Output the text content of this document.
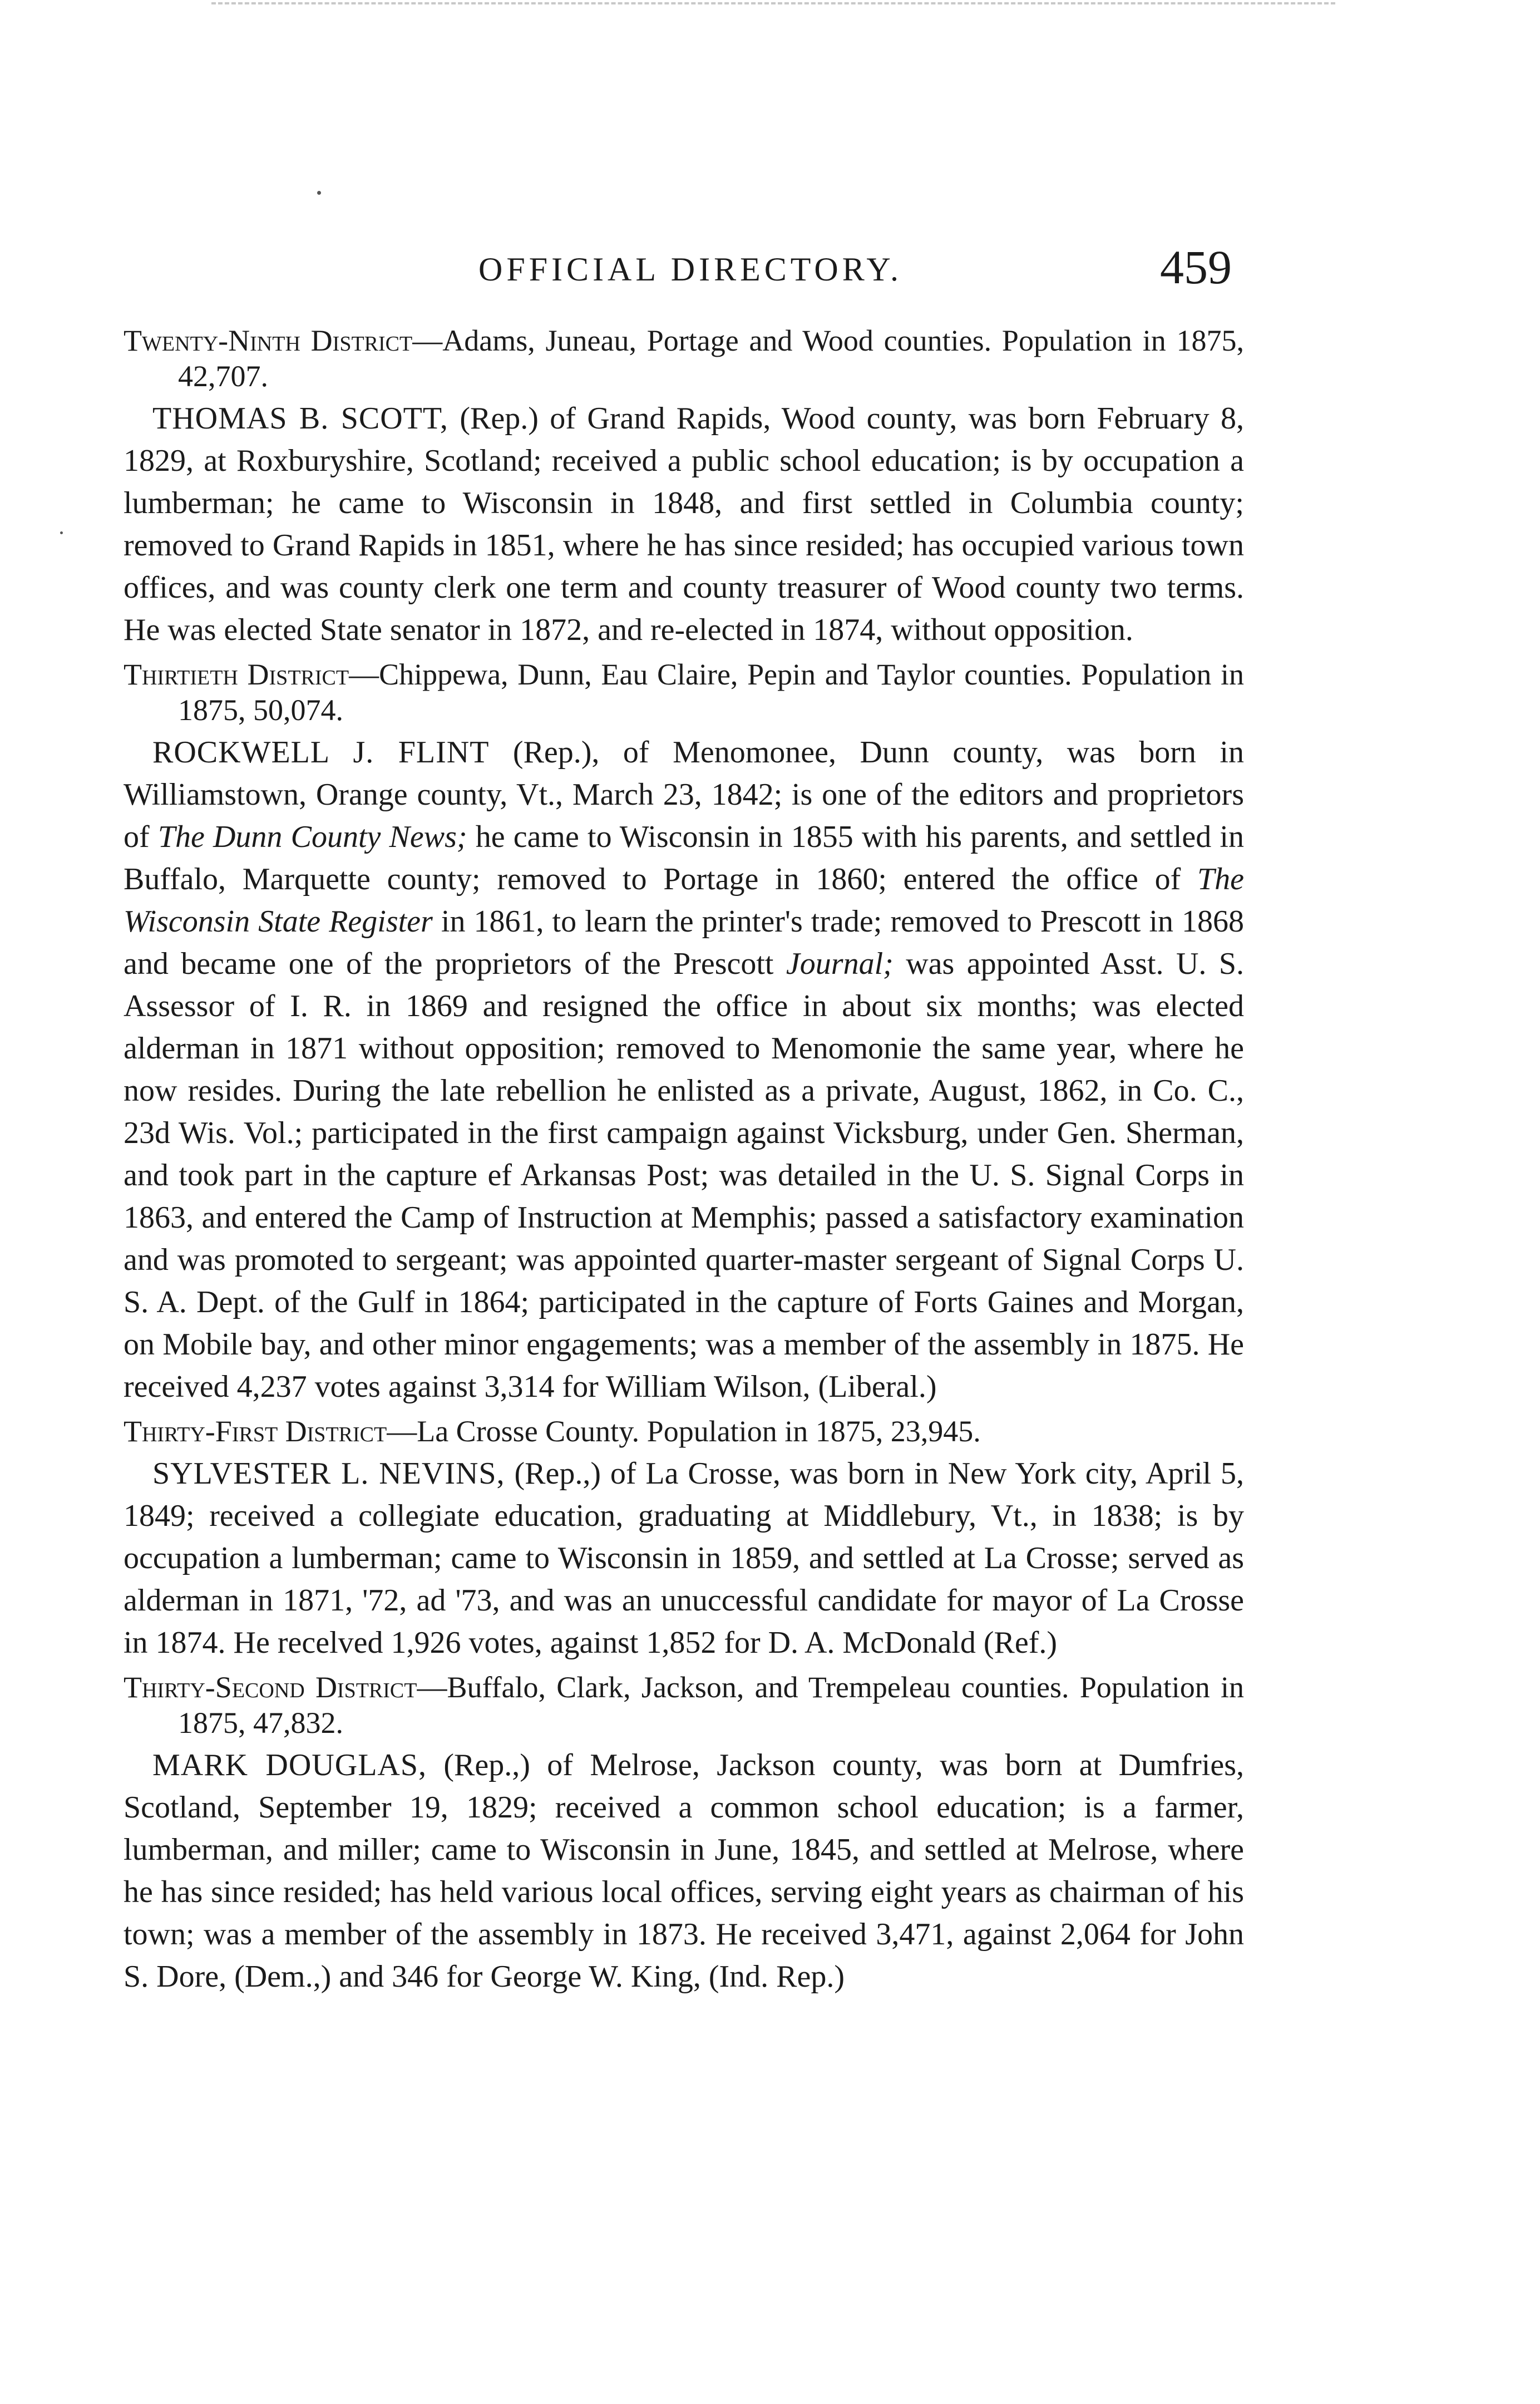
OFFICIAL DIRECTORY.	459

Twenty-Ninth District—Adams, Juneau, Portage and Wood counties. Population in 1875, 42,707.

THOMAS B. SCOTT, (Rep.) of Grand Rapids, Wood county, was born February 8, 1829, at Roxburyshire, Scotland; received a public school education; is by occupation a lumberman; he came to Wisconsin in 1848, and first settled in Columbia county; removed to Grand Rapids in 1851, where he has since resided; has occupied various town offices, and was county clerk one term and county treasurer of Wood county two terms. He was elected State senator in 1872, and re-elected in 1874, without opposition.

Thirtieth District—Chippewa, Dunn, Eau Claire, Pepin and Taylor counties. Population in 1875, 50,074.

ROCKWELL J. FLINT (Rep.), of Menomonee, Dunn county, was born in Williamstown, Orange county, Vt., March 23, 1842; is one of the editors and proprietors of The Dunn County News; he came to Wisconsin in 1855 with his parents, and settled in Buffalo, Marquette county; removed to Portage in 1860; entered the office of The Wisconsin State Register in 1861, to learn the printer's trade; removed to Prescott in 1868 and became one of the proprietors of the Prescott Journal; was appointed Asst. U. S. Assessor of I. R. in 1869 and resigned the office in about six months; was elected alderman in 1871 without opposition; removed to Menomonie the same year, where he now resides. During the late rebellion he enlisted as a private, August, 1862, in Co. C., 23d Wis. Vol.; participated in the first campaign against Vicksburg, under Gen. Sherman, and took part in the capture ef Arkansas Post; was detailed in the U. S. Signal Corps in 1863, and entered the Camp of Instruction at Memphis; passed a satisfactory examination and was promoted to sergeant; was appointed quarter-master sergeant of Signal Corps U. S. A. Dept. of the Gulf in 1864; participated in the capture of Forts Gaines and Morgan, on Mobile bay, and other minor engagements; was a member of the assembly in 1875. He received 4,237 votes against 3,314 for William Wilson, (Liberal.)

Thirty-First District—La Crosse County. Population in 1875, 23,945.

SYLVESTER L. NEVINS, (Rep.,) of La Crosse, was born in New York city, April 5, 1849; received a collegiate education, graduating at Middlebury, Vt., in 1838; is by occupation a lumberman; came to Wisconsin in 1859, and settled at La Crosse; served as alderman in 1871, '72, ad '73, and was an unuccessful candidate for mayor of La Crosse in 1874. He recelved 1,926 votes, against 1,852 for D. A. McDonald (Ref.)

Thirty-Second District—Buffalo, Clark, Jackson, and Trempeleau counties. Population in 1875, 47,832.

MARK DOUGLAS, (Rep.,) of Melrose, Jackson county, was born at Dumfries, Scotland, September 19, 1829; received a common school education; is a farmer, lumberman, and miller; came to Wisconsin in June, 1845, and settled at Melrose, where he has since resided; has held various local offices, serving eight years as chairman of his town; was a member of the assembly in 1873. He received 3,471, against 2,064 for John S. Dore, (Dem.,) and 346 for George W. King, (Ind. Rep.)
